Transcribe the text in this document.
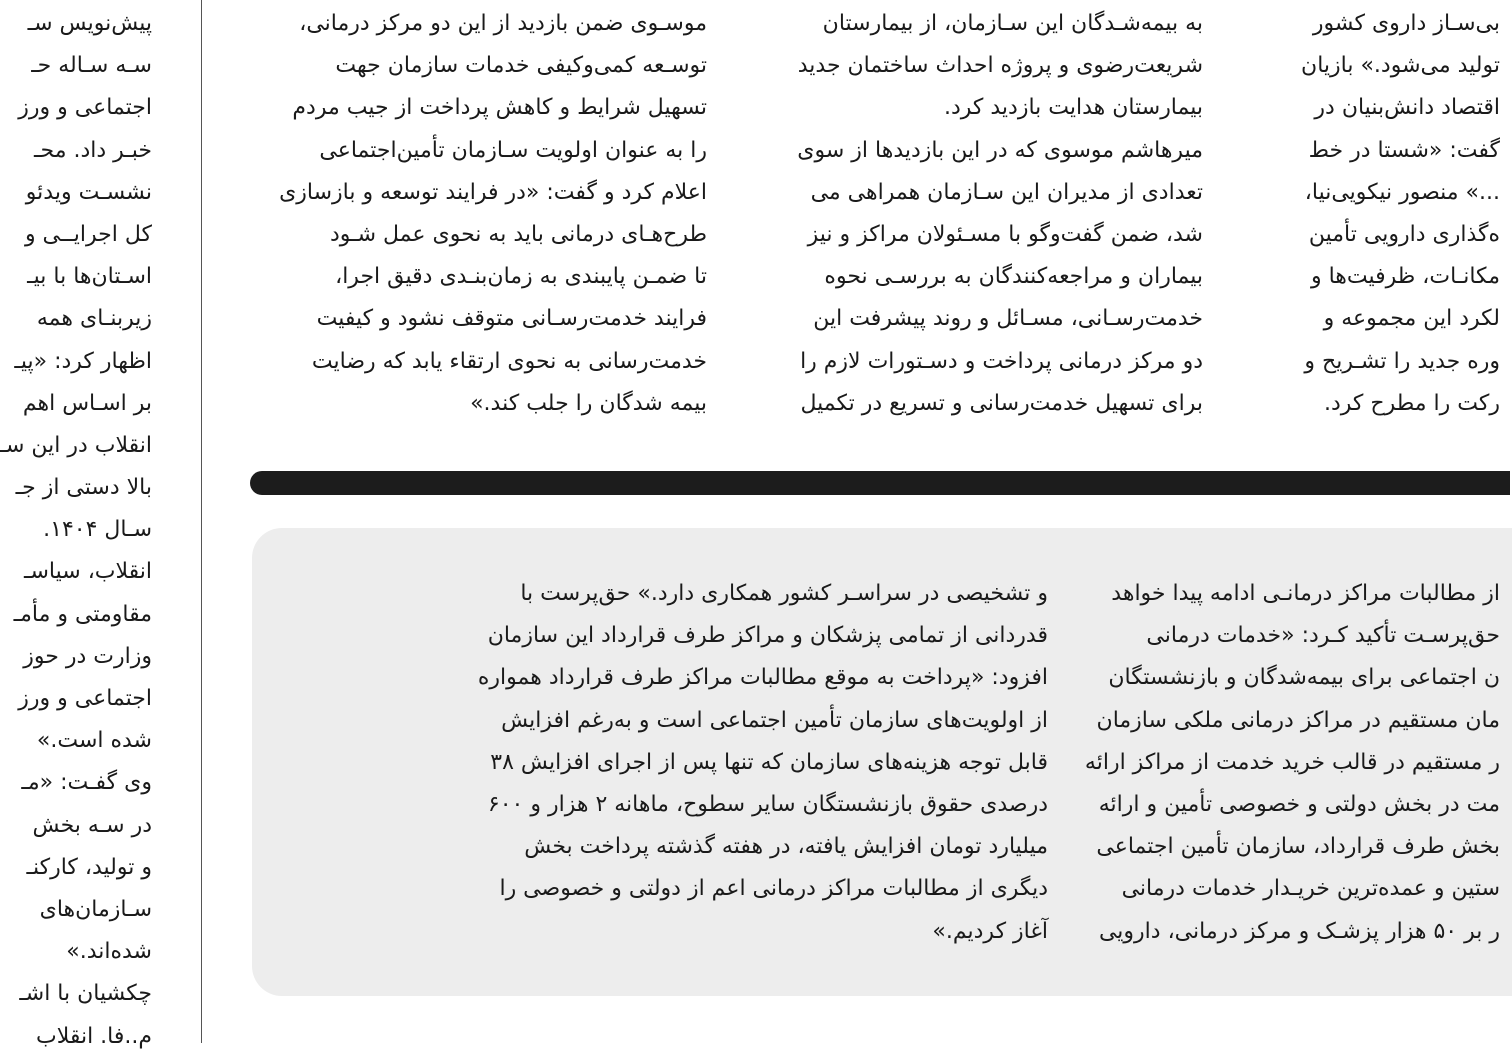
پیش‌نویس سـ
سـه سـاله حـ
اجتماعی و ورز
خبـر داد. محـ
نشسـت ویدئو
کل اجرایــی و
اسـتان‌ها با بیـ
زیربنـای همه
اظهار کرد: «پیـ
بر اسـاس اهم
انقلاب در این سـ
بالا دستی از جـ
سـال ۱۴۰۴.
انقلاب، سیاسـ
مقاومتی و مأمـ
وزارت در حوز
اجتماعی و ورز
شده است.»
وی گفـت: «مـ
در سـه بخش
و تولید، کارکنـ
سـازمان‌های
شده‌اند.»
چکشیان با اشـ
م..فا. انقلاب
موسـوی ضمن بازدید از این دو مرکز درمانی،
توسـعه کمی‌وکیفی خدمات سازمان جهت
تسهیل شرایط و کاهش پرداخت از جیب مردم
را به عنوان اولویت سـازمان تأمین‌اجتماعی
اعلام کرد و گفت: «در فرایند توسعه و بازسازی
طرح‌هـای درمانی باید به نحوی عمل شـود
تا ضمـن پایبندی به زمان‌بنـدی دقیق اجرا،
فرایند خدمت‌رسـانی متوقف نشود و کیفیت
خدمت‌رسانی به نحوی ارتقاء یابد که رضایت
بیمه شدگان را جلب کند.»
به بیمه‌شـدگان این سـازمان، از بیمارستان
شریعت‌رضوی و پروژه احداث ساختمان جدید
بیمارستان هدایت بازدید کرد.
میرهاشم موسوی که در این بازدیدها از سوی
تعدادی از مدیران این سـازمان همراهی می
شد، ضمن گفت‌وگو با مسـئولان مراکز و نیز
بیماران و مراجعه‌کنندگان به بررسـی نحوه
خدمت‌رسـانی، مسـائل و روند پیشرفت این
دو مرکز درمانی پرداخت و دسـتورات لازم را
برای تسهیل خدمت‌رسانی و تسریع در تکمیل
بی‌سـاز داروی کشور
تولید می‌شود.» بازیان
اقتصاد دانش‌بنیان در
گفت: «شستا در خط
...» منصور نیکویی‌نیا،
ه‌گذاری دارویی تأمین
مکانـات، ظرفیت‌ها و
لکرد این مجموعه و
وره جدید را تشـریح و
رکت را مطرح کرد.
و تشخیصی در سراسـر کشور همکاری دارد.» حق‌پرست با
قدردانی از تمامی پزشکان و مراکز طرف قرارداد این سازمان
افزود: «پرداخت به موقع مطالبات مراکز طرف قرارداد همواره
از اولویت‌های سازمان تأمین اجتماعی است و به‌رغم افزایش
قابل توجه هزینه‌های سازمان که تنها پس از اجرای افزایش ۳۸
درصدی حقوق بازنشستگان سایر سطوح، ماهانه ۲ هزار و ۶۰۰
میلیارد تومان افزایش یافته، در هفته گذشته پرداخت بخش
دیگری از مطالبات مراکز درمانی اعم از دولتی و خصوصی را
آغاز کردیم.»
از مطالبات مراکز درمانـی ادامه پیدا خواهد
حق‌پرسـت تأکید کـرد: «خدمات درمانی
ن اجتماعی برای بیمه‌شدگان و بازنشستگان
مان مستقیم در مراکز درمانی ملکی سازمان
ر مستقیم در قالب خرید خدمت از مراکز ارائه
مت در بخش دولتی و خصوصی تأمین و ارائه
بخش طرف قرارداد، سازمان تأمین اجتماعی
ستین و عمده‌ترین خریـدار خدمات درمانی
ر بر ۵۰ هزار پزشـک و مرکز درمانی، دارویی
